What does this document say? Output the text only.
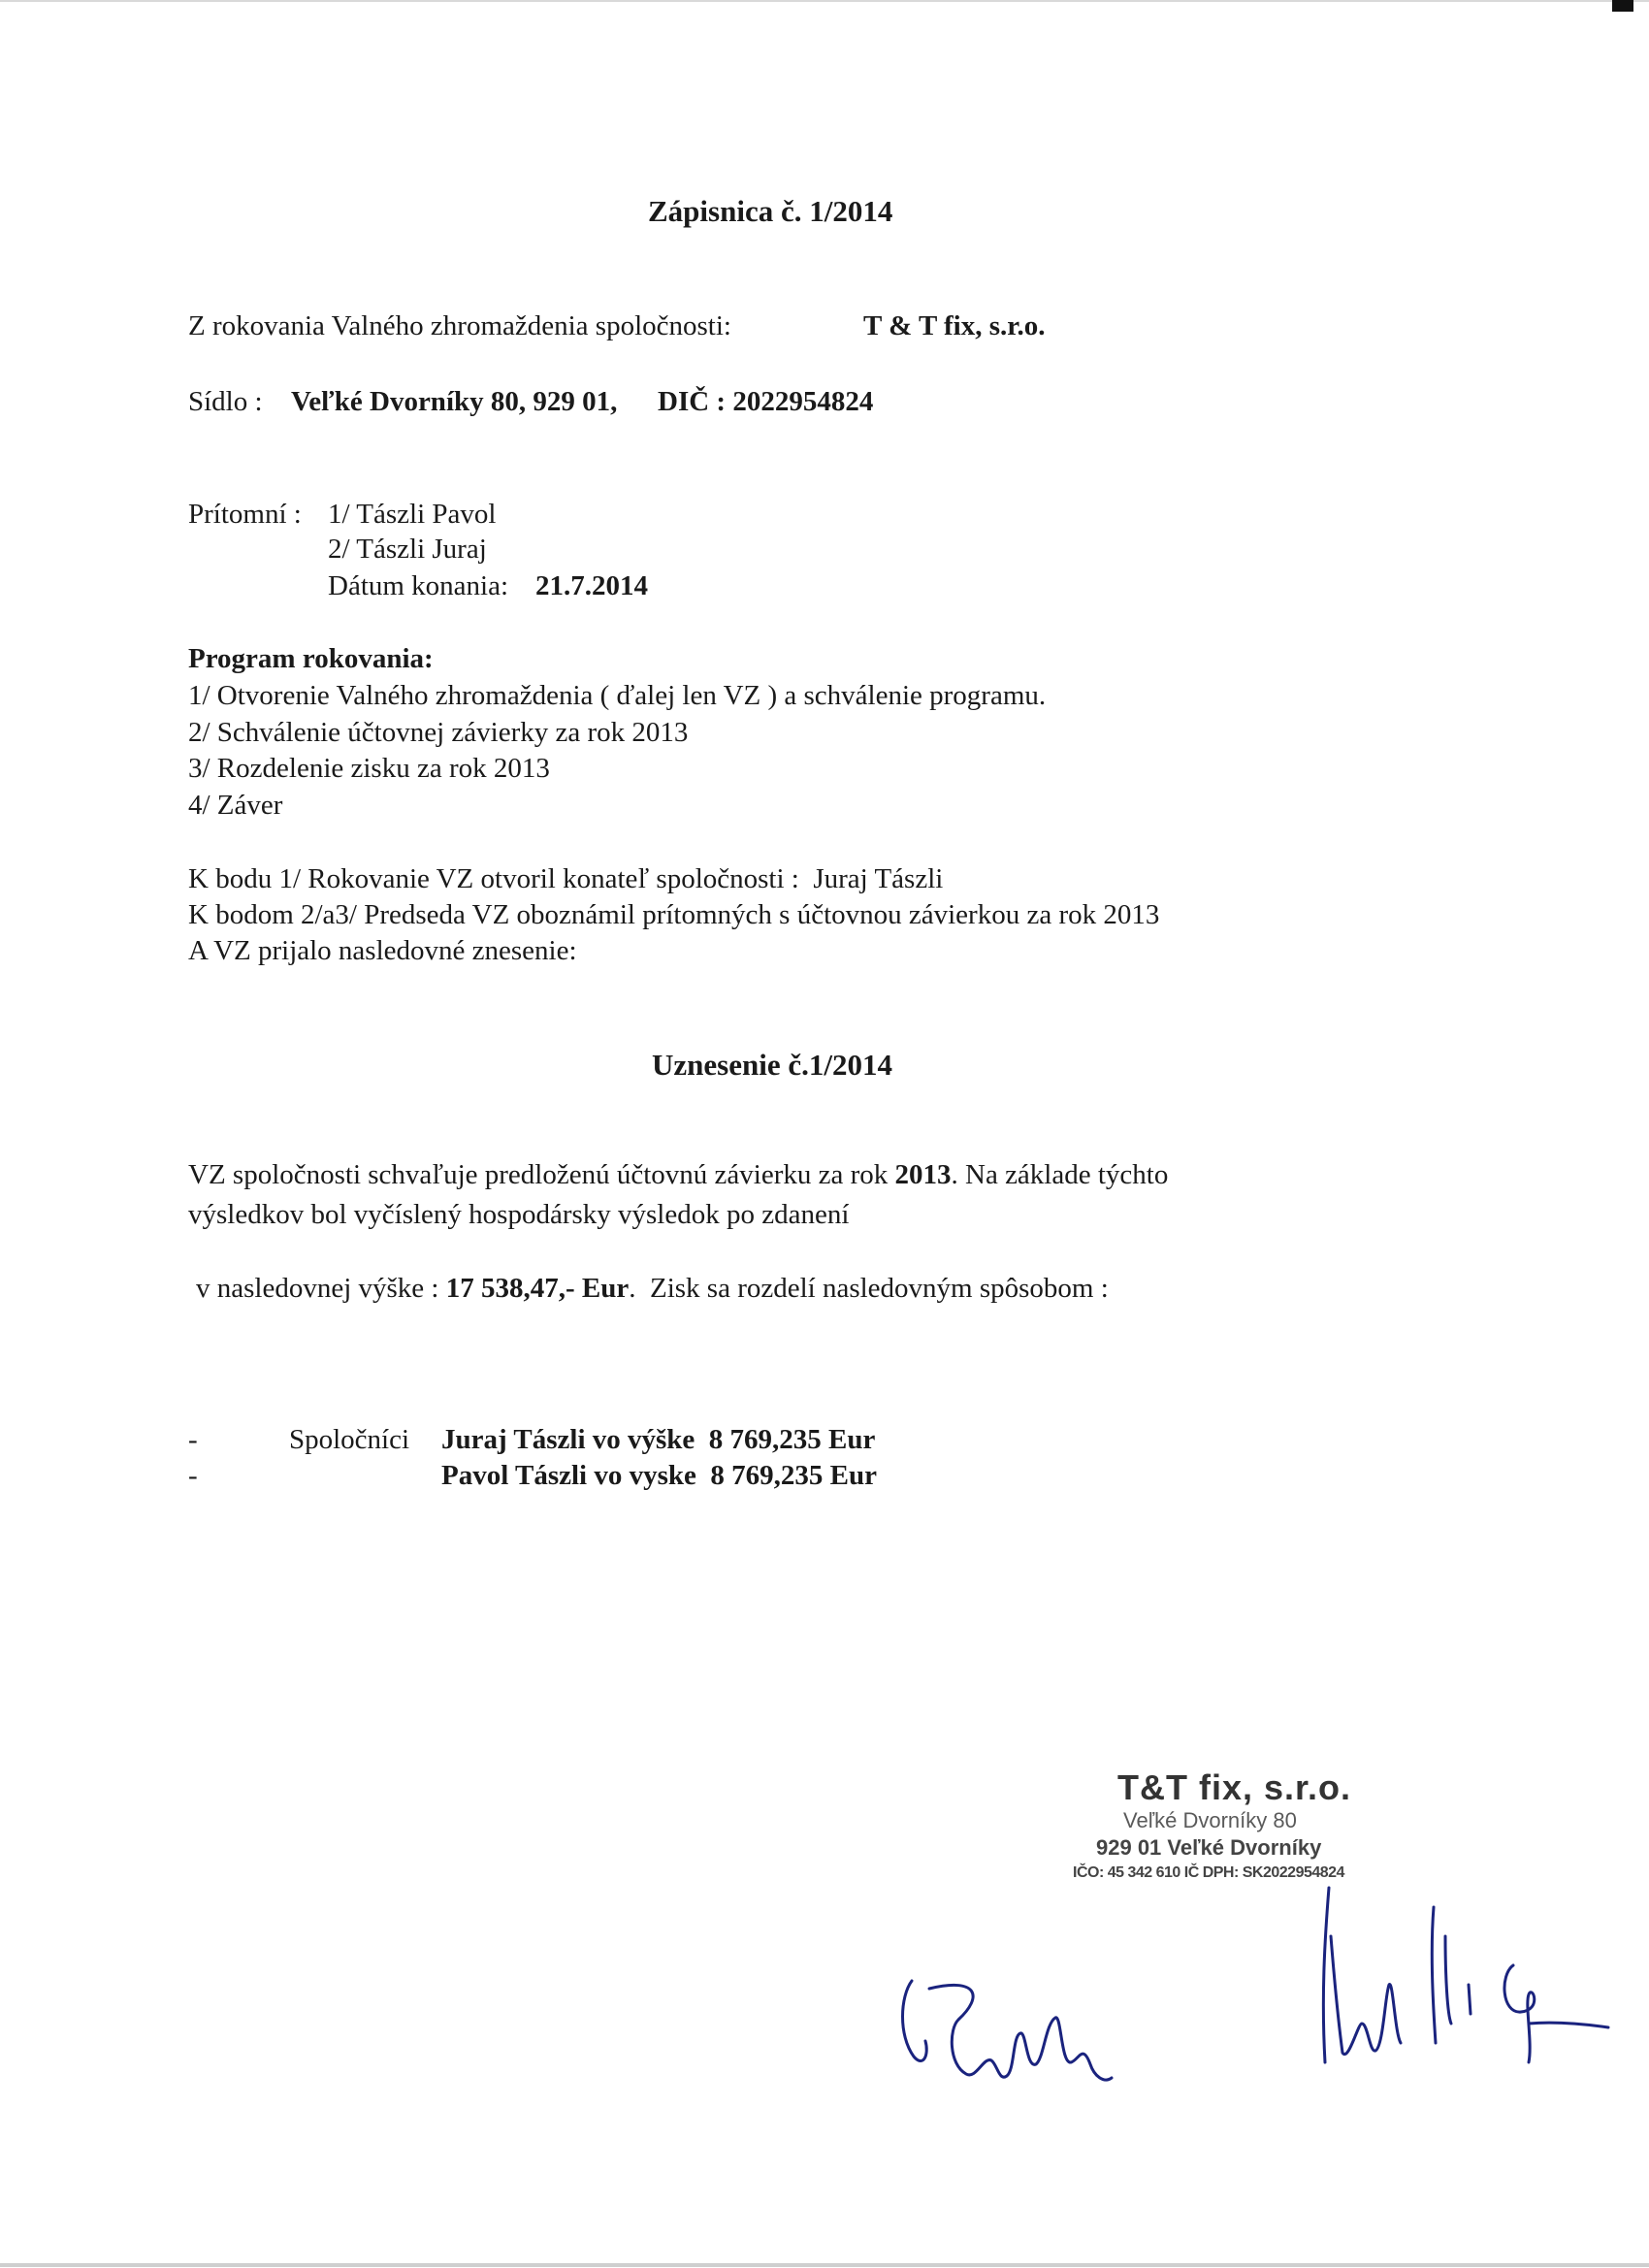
Zápisnica č. 1/2014
Z rokovania Valného zhromaždenia spoločnosti:	T & T fix, s.r.o.
Sídlo : Veľké Dvorníky 80, 929 01, DIČ : 2022954824
Prítomní : 1/ Tászli Pavol
2/ Tászli Juraj
Dátum konania: 21.7.2014
Program rokovania:
1/ Otvorenie Valného zhromaždenia ( ďalej len VZ ) a schválenie programu.
2/ Schválenie účtovnej závierky za rok 2013
3/ Rozdelenie zisku za rok 2013
4/ Záver
K bodu 1/ Rokovanie VZ otvoril konateľ spoločnosti :  Juraj Tászli
K bodom 2/a3/ Predseda VZ oboznámil prítomných s účtovnou závierkou za rok 2013
A VZ prijalo nasledovné znesenie:
Uznesenie č.1/2014
VZ spoločnosti schvaľuje predloženú účtovnú závierku za rok 2013. Na základe týchto
výsledkov bol vyčíslený hospodársky výsledok po zdanení
v nasledovnej výške : 17 538,47,- Eur.  Zisk sa rozdelí nasledovným spôsobom :
-	Spoločníci Juraj Tászli vo výške  8 769,235 Eur
-	Pavol Tászli vo vyske  8 769,235 Eur
T&T fix, s.r.o.
Veľké Dvorníky 80
929 01 Veľké Dvorníky
IČO: 45 342 610 IČ DPH: SK2022954824
